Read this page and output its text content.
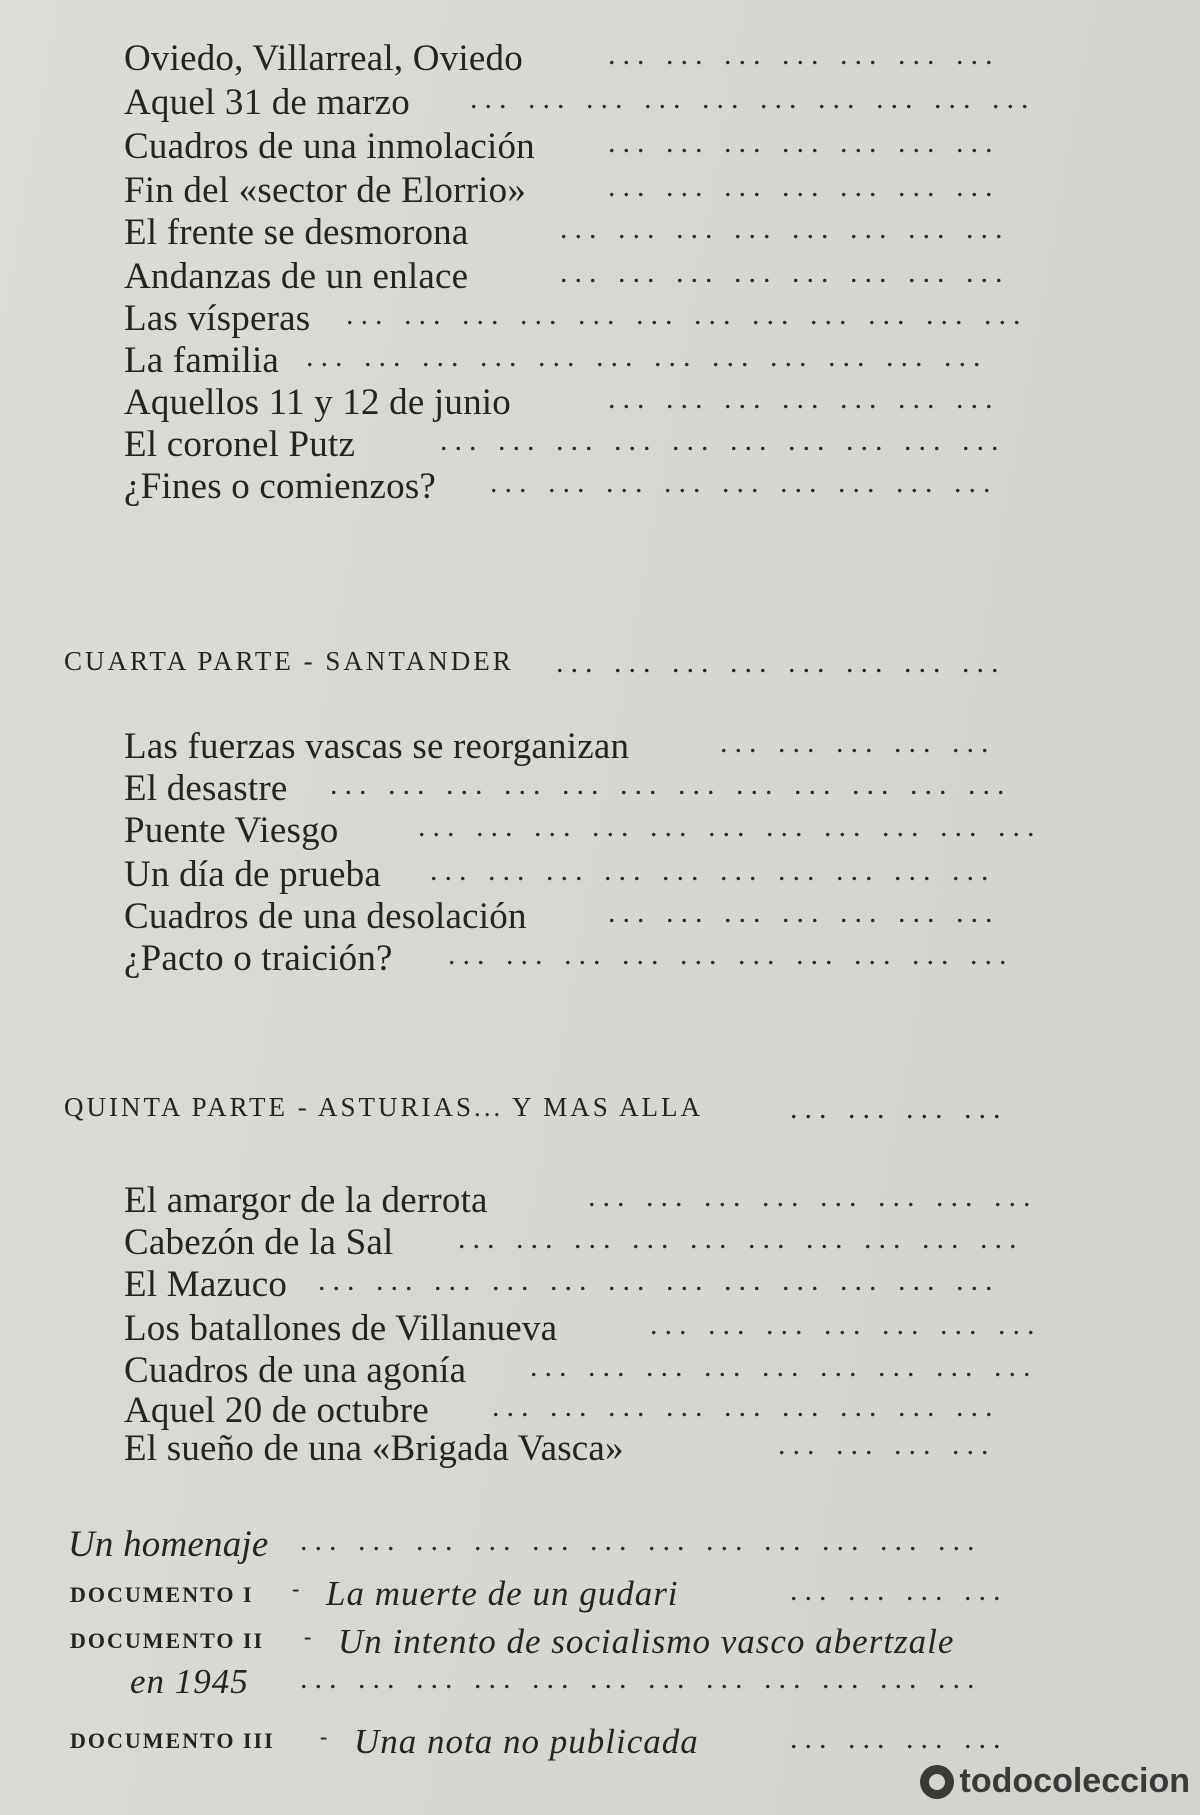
Oviedo, Villarreal, Oviedo	... ... ... ... ... ... ...
Aquel 31 de marzo ... ... ... ... ... ... ... ... ... ...
Cuadros de una inmolación ... ... ... ... ... ... ...
Fin del «sector de Elorrio»	... ... ... ... ... ... ...
El frente se desmorona	... ... ... ... ... ... ... ...
Andanzas de un enlace	... ... ... ... ... ... ... ...
Las vísperas ... ... ... ... ... ... ... ... ... ... ... ...
La familia ... ... ... ... ... ... ... ... ... ... ... ...
Aquellos 11 y 12 de junio	... ... ... ... ... ... ...
El coronel Putz	... ... ... ... ... ... ... ... ... ...
¿Fines o comienzos? ... ... ... ... ... ... ... ... ...
CUARTA PARTE - SANTANDER ... ... ... ... ... ... ... ...
Las fuerzas vascas se reorganizan	... ... ... ... ...
El desastre ... ... ... ... ... ... ... ... ... ... ... ...
Puente Viesgo	... ... ... ... ... ... ... ... ... ... ...
Un día de prueba ... ... ... ... ... ... ... ... ... ...
Cuadros de una desolación	... ... ... ... ... ... ...
¿Pacto o traición? ... ... ... ... ... ... ... ... ... ...
QUINTA PARTE - ASTURIAS... Y MAS ALLA	... ... ... ...
El amargor de la derrota	... ... ... ... ... ... ... ...
Cabezón de la Sal ... ... ... ... ... ... ... ... ... ...
El Mazuco ... ... ... ... ... ... ... ... ... ... ... ...
Los batallones de Villanueva	... ... ... ... ... ... ...
Cuadros de una agonía ... ... ... ... ... ... ... ... ...
Aquel 20 de octubre ... ... ... ... ... ... ... ... ...
El sueño de una «Brigada Vasca»	... ... ... ...
Un homenaje ... ... ... ... ... ... ... ... ... ... ... ...
DOCUMENTO I - La muerte de un gudari	... ... ... ...
DOCUMENTO II - Un intento de socialismo vasco abertzale
en 1945 ... ... ... ... ... ... ... ... ... ... ... ...
DOCUMENTO III - Una nota no publicada	... ... ... ...
todocoleccion
